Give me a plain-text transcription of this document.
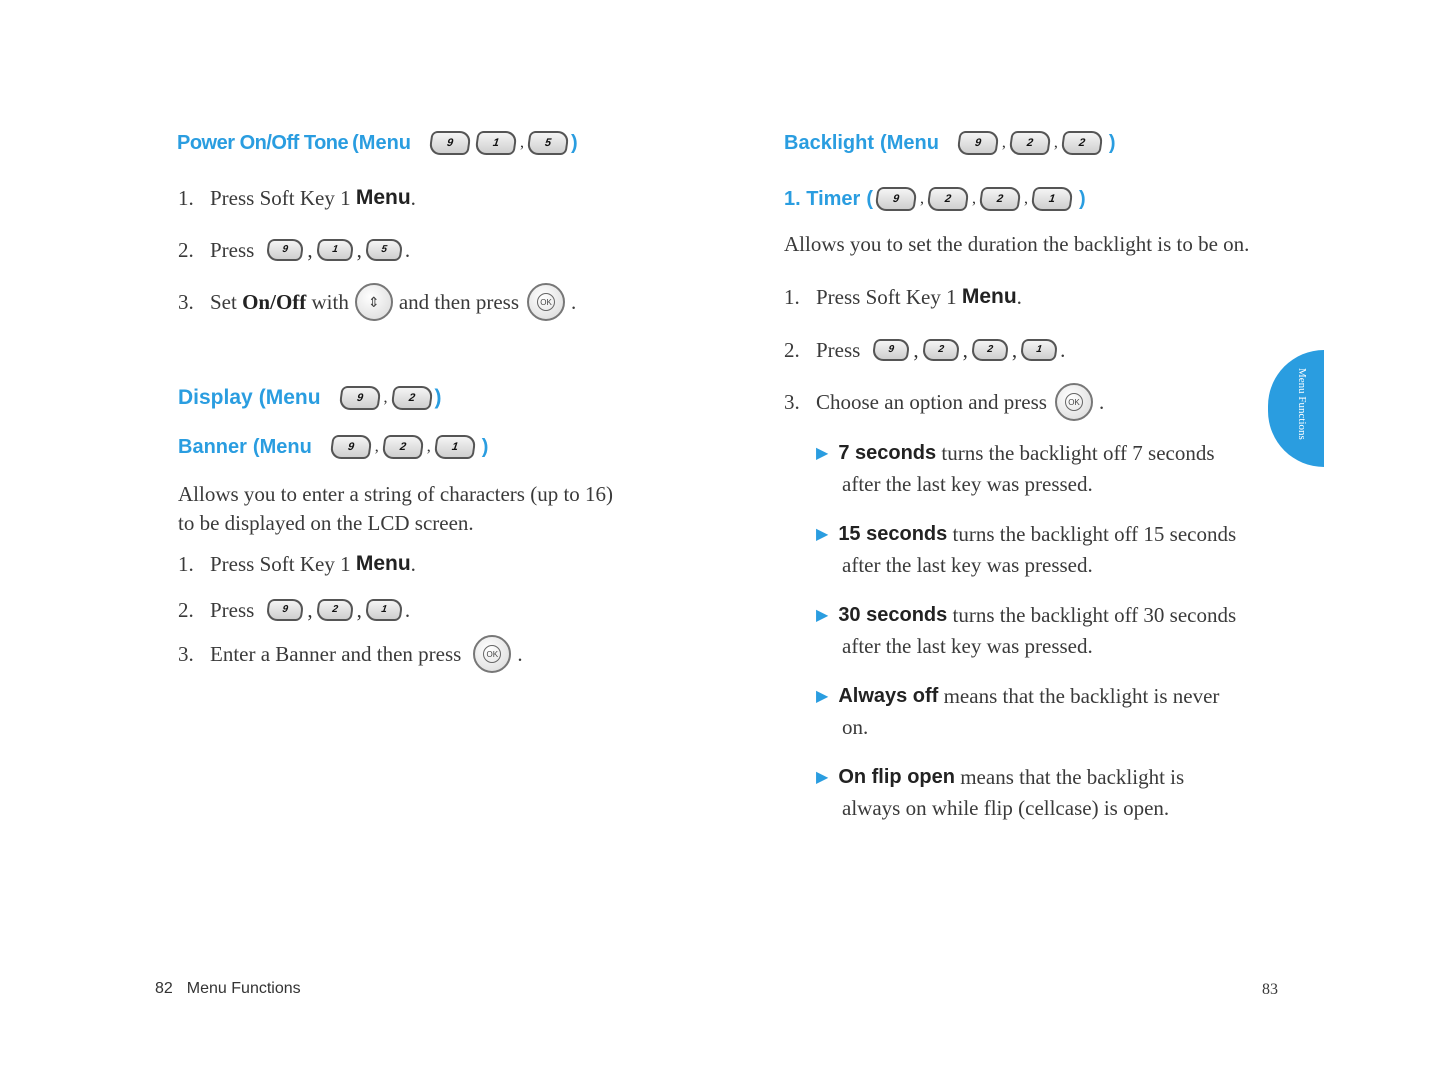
Power On/Off Tone (Menu	9	1	,	5 )
1. Press Soft Key 1 Menu .
2. Press	9 ,	1 ,	5 .
3. Set On/Off with ⇕ and then press	OK .
Display (Menu	9	,	2 )
Banner (Menu	9	,	2	,	1	)
Allows you to enter a string of characters (up to 16)
to be displayed on the LCD screen.
1. Press Soft Key 1 Menu .
2. Press	9 ,	2 ,	1 .
3. Enter a Banner and then press	OK .
82 Menu Functions
Backlight (Menu	9	,	2	,	2	)
1. Timer (	9	,	2	,	2	,	1	)
Allows you to set the duration the backlight is to be on.
1. Press Soft Key 1 Menu .
2. Press	9 ,	2 ,	2 ,	1 .
3. Choose an option and press	OK .
▶ 7 seconds turns the backlight off 7 seconds
after the last key was pressed.
▶ 15 seconds turns the backlight off 15 seconds
after the last key was pressed.
▶ 30 seconds turns the backlight off 30 seconds
after the last key was pressed.
▶ Always off means that the backlight is never
on.
▶ On flip open means that the backlight is
always on while flip (cellcase) is open.
Menu Functions
83
